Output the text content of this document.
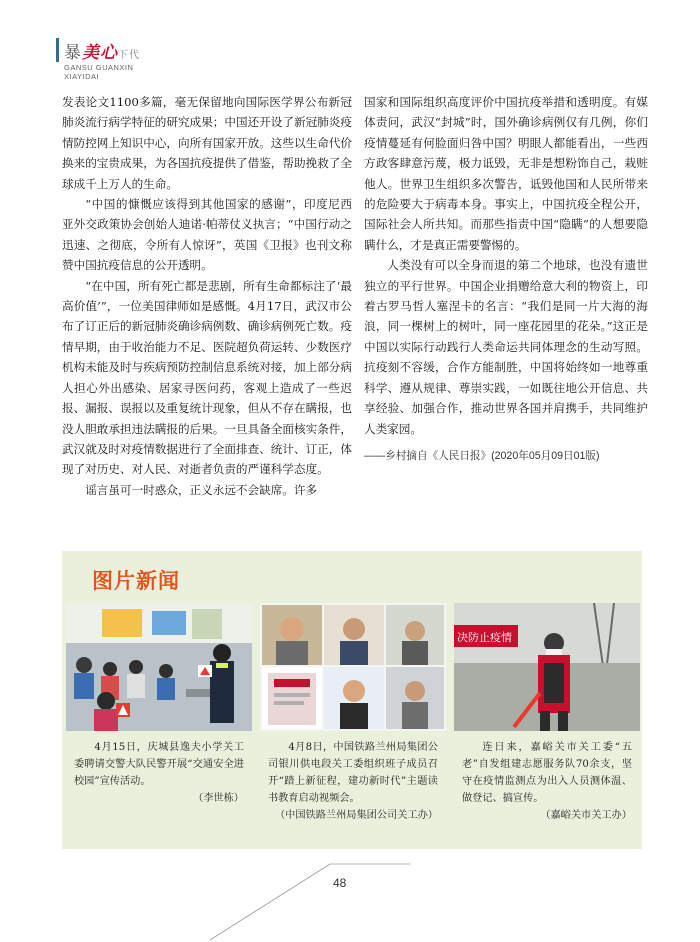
暴美心下代
GANSU GUANXIN
XIAYIDAI

发表论文1100多篇，毫无保留地向国际医学界公布新冠肺炎流行病学特征的研究成果；中国还开设了新冠肺炎疫情防控网上知识中心，向所有国家开放。这些以生命代价换来的宝贵成果，为各国抗疫提供了借鉴，帮助挽救了全球成千上万人的生命。

“中国的慷慨应该得到其他国家的感谢”，印度尼西亚外交政策协会创始人迪诺·帕蒂仗义执言；“中国行动之迅速、之彻底，令所有人惊讶”，英国《卫报》也刊文称赞中国抗疫信息的公开透明。

“在中国，所有死亡都是悲剧，所有生命都标注了‘最高价值’”，一位美国律师如是感慨。4月17日，武汉市公布了订正后的新冠肺炎确诊病例数、确诊病例死亡数。疫情早期，由于收治能力不足、医院超负荷运转、少数医疗机构未能及时与疾病预防控制信息系统对接，加上部分病人担心外出感染、居家寻医问药，客观上造成了一些迟报、漏报、误报以及重复统计现象，但从不存在瞒报，也没人胆敢承担违法瞒报的后果。一旦具备全面核实条件，武汉就及时对疫情数据进行了全面排查、统计、订正，体现了对历史、对人民、对逝者负责的严谨科学态度。

谣言虽可一时惑众，正义永远不会缺席。许多

国家和国际组织高度评价中国抗疫举措和透明度。有媒体责问，武汉“封城”时，国外确诊病例仅有几例，你们疫情蔓延有何脸面归咎中国？明眼人都能看出，一些西方政客肆意污蔑，极力诋毁，无非是想粉饰自己，栽赃他人。世界卫生组织多次警告，诋毁他国和人民所带来的危险要大于病毒本身。事实上，中国抗疫全程公开，国际社会人所共知。而那些指责中国“隐瞒”的人想要隐瞒什么，才是真正需要警惕的。

人类没有可以全身而退的第二个地球，也没有遗世独立的平行世界。中国企业捐赠给意大利的物资上，印着古罗马哲人塞涅卡的名言：“我们是同一片大海的海浪，同一棵树上的树叶，同一座花园里的花朵。”这正是中国以实际行动践行人类命运共同体理念的生动写照。抗疫刻不容缓，合作方能制胜，中国将始终如一地尊重科学、遵从规律、尊崇实践，一如既往地公开信息、共享经验、加强合作，推动世界各国并肩携手，共同维护人类家园。

——乡村摘自《人民日报》(2020年05月09日01版)

图片新闻
决防止疫情

4月15日，庆城县逸夫小学关工委聘请交警大队民警开展“交通安全进校园”宣传活动。

（李世栋）

4月8日，中国铁路兰州局集团公司银川供电段关工委组织班子成员召开“踏上新征程，建功新时代”主题读书教育启动视频会。

（中国铁路兰州局集团公司关工办）

连日来，嘉峪关市关工委“五老”自发组建志愿服务队70余支，坚守在疫情监测点为出入人员测体温、做登记、搞宣传。

（嘉峪关市关工办）

48
